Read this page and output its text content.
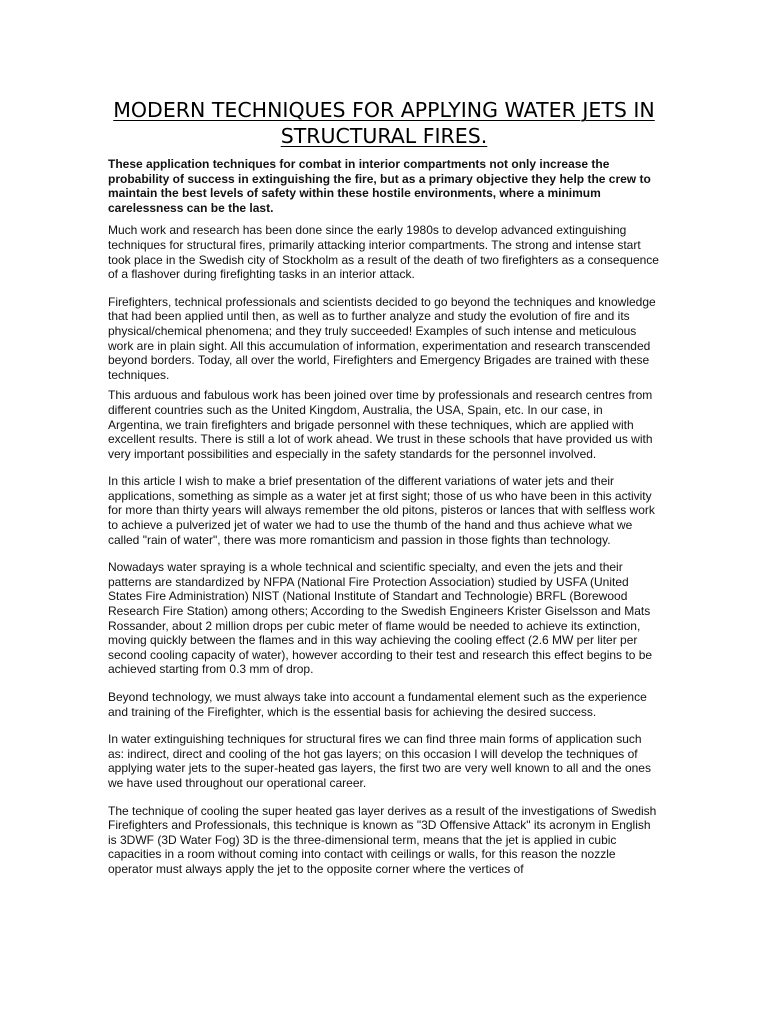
MODERN TECHNIQUES FOR APPLYING WATER JETS IN STRUCTURAL FIRES.

These application techniques for combat in interior compartments not only increase the probability of success in extinguishing the fire, but as a primary objective they help the crew to maintain the best levels of safety within these hostile environments, where a minimum carelessness can be the last.

Much work and research has been done since the early 1980s to develop advanced extinguishing techniques for structural fires, primarily attacking interior compartments. The strong and intense start took place in the Swedish city of Stockholm as a result of the death of two firefighters as a consequence of a flashover during firefighting tasks in an interior attack.

Firefighters, technical professionals and scientists decided to go beyond the techniques and knowledge that had been applied until then, as well as to further analyze and study the evolution of fire and its physical/chemical phenomena; and they truly succeeded! Examples of such intense and meticulous work are in plain sight. All this accumulation of information, experimentation and research transcended beyond borders. Today, all over the world, Firefighters and Emergency Brigades are trained with these techniques.

This arduous and fabulous work has been joined over time by professionals and research centres from different countries such as the United Kingdom, Australia, the USA, Spain, etc. In our case, in Argentina, we train firefighters and brigade personnel with these techniques, which are applied with excellent results. There is still a lot of work ahead. We trust in these schools that have provided us with very important possibilities and especially in the safety standards for the personnel involved.

In this article I wish to make a brief presentation of the different variations of water jets and their applications, something as simple as a water jet at first sight; those of us who have been in this activity for more than thirty years will always remember the old pitons, pisteros or lances that with selfless work to achieve a pulverized jet of water we had to use the thumb of the hand and thus achieve what we called "rain of water", there was more romanticism and passion in those fights than technology.

Nowadays water spraying is a whole technical and scientific specialty, and even the jets and their patterns are standardized by NFPA (National Fire Protection Association) studied by USFA (United States Fire Administration) NIST (National Institute of Standart and Technologie) BRFL (Borewood Research Fire Station) among others; According to the Swedish Engineers Krister Giselsson and Mats Rossander, about 2 million drops per cubic meter of flame would be needed to achieve its extinction, moving quickly between the flames and in this way achieving the cooling effect (2.6 MW per liter per second cooling capacity of water), however according to their test and research this effect begins to be achieved starting from 0.3 mm of drop.

Beyond technology, we must always take into account a fundamental element such as the experience and training of the Firefighter, which is the essential basis for achieving the desired success.

In water extinguishing techniques for structural fires we can find three main forms of application such as: indirect, direct and cooling of the hot gas layers; on this occasion I will develop the techniques of applying water jets to the super-heated gas layers, the first two are very well known to all and the ones we have used throughout our operational career.

The technique of cooling the super heated gas layer derives as a result of the investigations of Swedish Firefighters and Professionals, this technique is known as "3D Offensive Attack" its acronym in English is 3DWF (3D Water Fog) 3D is the three-dimensional term, means that the jet is applied in cubic capacities in a room without coming into contact with ceilings or walls, for this reason the nozzle operator must always apply the jet to the opposite corner where the vertices of
